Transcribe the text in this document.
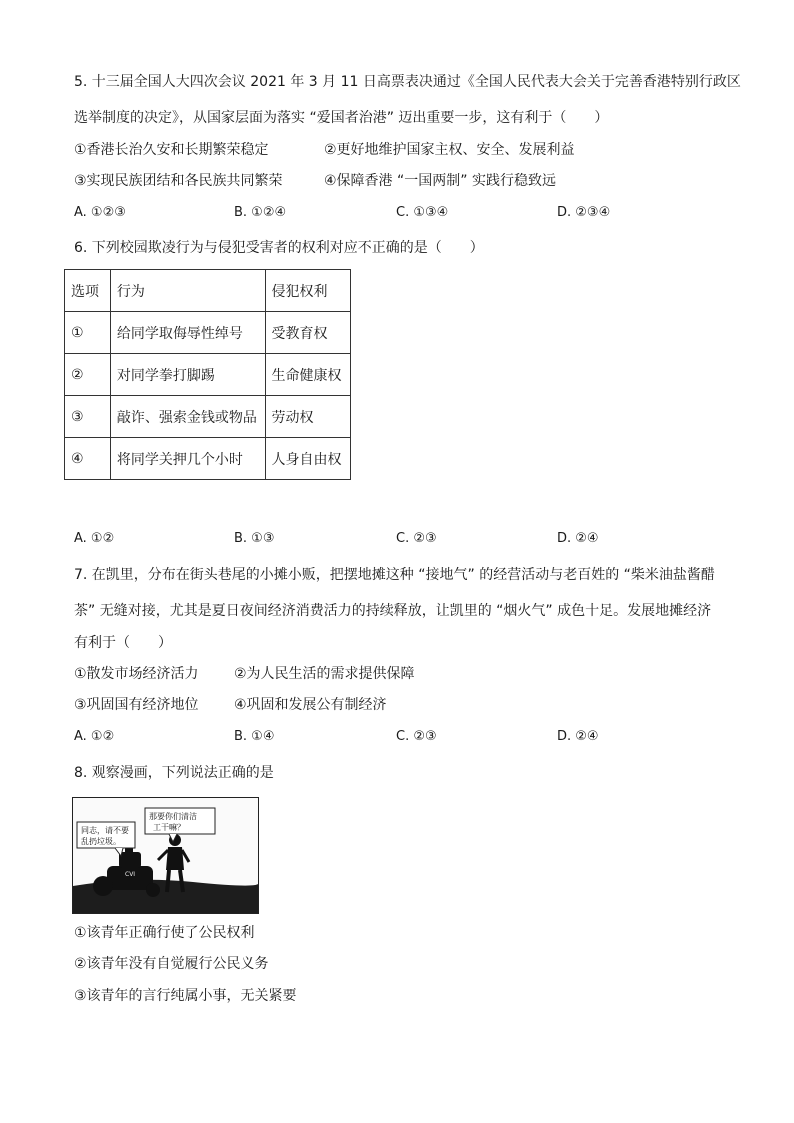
5. 十三届全国人大四次会议 2021 年 3 月 11 日高票表决通过《全国人民代表大会关于完善香港特别行政区
选举制度的决定》，从国家层面为落实 “爱国者治港” 迈出重要一步，这有利于（　　）
①香港长治久安和长期繁荣稳定	②更好地维护国家主权、安全、发展利益
③实现民族团结和各民族共同繁荣	④保障香港 “一国两制” 实践行稳致远
A. ①②③	B. ①②④	C. ①③④	D. ②③④
6. 下列校园欺凌行为与侵犯受害者的权利对应不正确的是（　　）
选项	行为	侵犯权利
①	给同学取侮辱性绰号	受教育权
②	对同学拳打脚踢	生命健康权
③	敲诈、强索金钱或物品	劳动权
④	将同学关押几个小时	人身自由权
A. ①②	B. ①③	C. ②③	D. ②④
7. 在凯里，分布在街头巷尾的小摊小贩，把摆地摊这种 “接地气” 的经营活动与老百姓的 “柴米油盐酱醋
茶” 无缝对接，尤其是夏日夜间经济消费活力的持续释放，让凯里的 “烟火气” 成色十足。发展地摊经济
有利于（　　）
①散发市场经济活力	②为人民生活的需求提供保障
③巩固国有经济地位	④巩固和发展公有制经济
A. ①②	B. ①④	C. ②③	D. ②④
8. 观察漫画，下列说法正确的是
CVI
同志，请不要
乱扔垃圾。
那要你们清洁
工干嘛？
①该青年正确行使了公民权利
②该青年没有自觉履行公民义务
③该青年的言行纯属小事，无关紧要
